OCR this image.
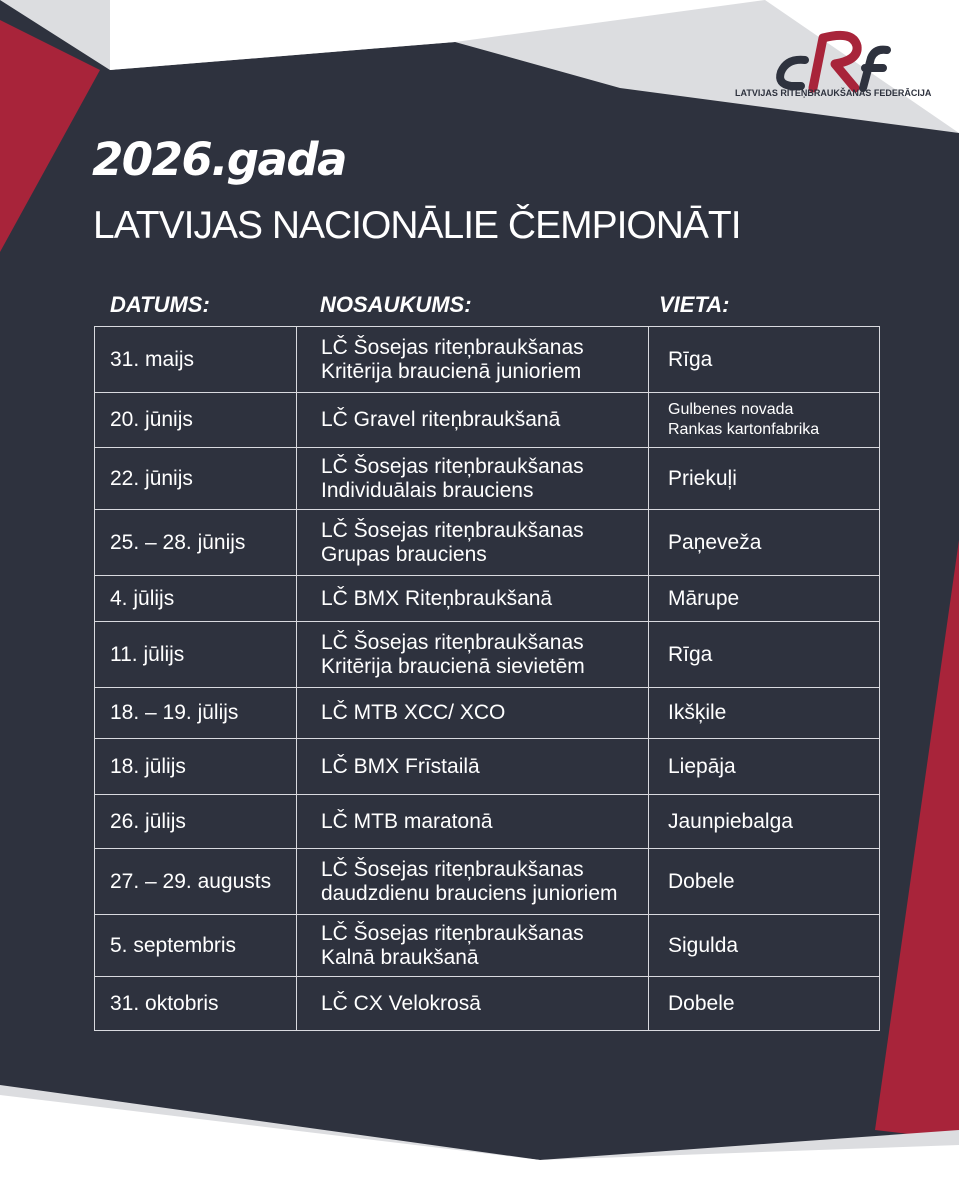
LATVIJAS RITEŅBRAUKŠANAS FEDERĀCIJA
2026.gada
LATVIJAS NACIONĀLIE ČEMPIONĀTI
DATUMS:	NOSAUKUMS:	VIETA:
31. maijs	LČ Šosejas riteņbraukšanas
Kritērija braucienā junioriem	Rīga

20. jūnijs	LČ Gravel riteņbraukšanā	Gulbenes novada
Rankas kartonfabrika

22. jūnijs	LČ Šosejas riteņbraukšanas
Individuālais brauciens	Priekuļi

25. – 28. jūnijs	LČ Šosejas riteņbraukšanas
Grupas brauciens	Paņeveža

4. jūlijs	LČ BMX Riteņbraukšanā	Mārupe

11. jūlijs	LČ Šosejas riteņbraukšanas
Kritērija braucienā sievietēm	Rīga

18. – 19. jūlijs	LČ MTB XCC/ XCO	Ikšķile

18. jūlijs	LČ BMX Frīstailā	Liepāja

26. jūlijs	LČ MTB maratonā	Jaunpiebalga

27. – 29. augusts	LČ Šosejas riteņbraukšanas
daudzdienu brauciens junioriem	Dobele

5. septembris	LČ Šosejas riteņbraukšanas
Kalnā braukšanā	Sigulda

31. oktobris	LČ CX Velokrosā	Dobele
